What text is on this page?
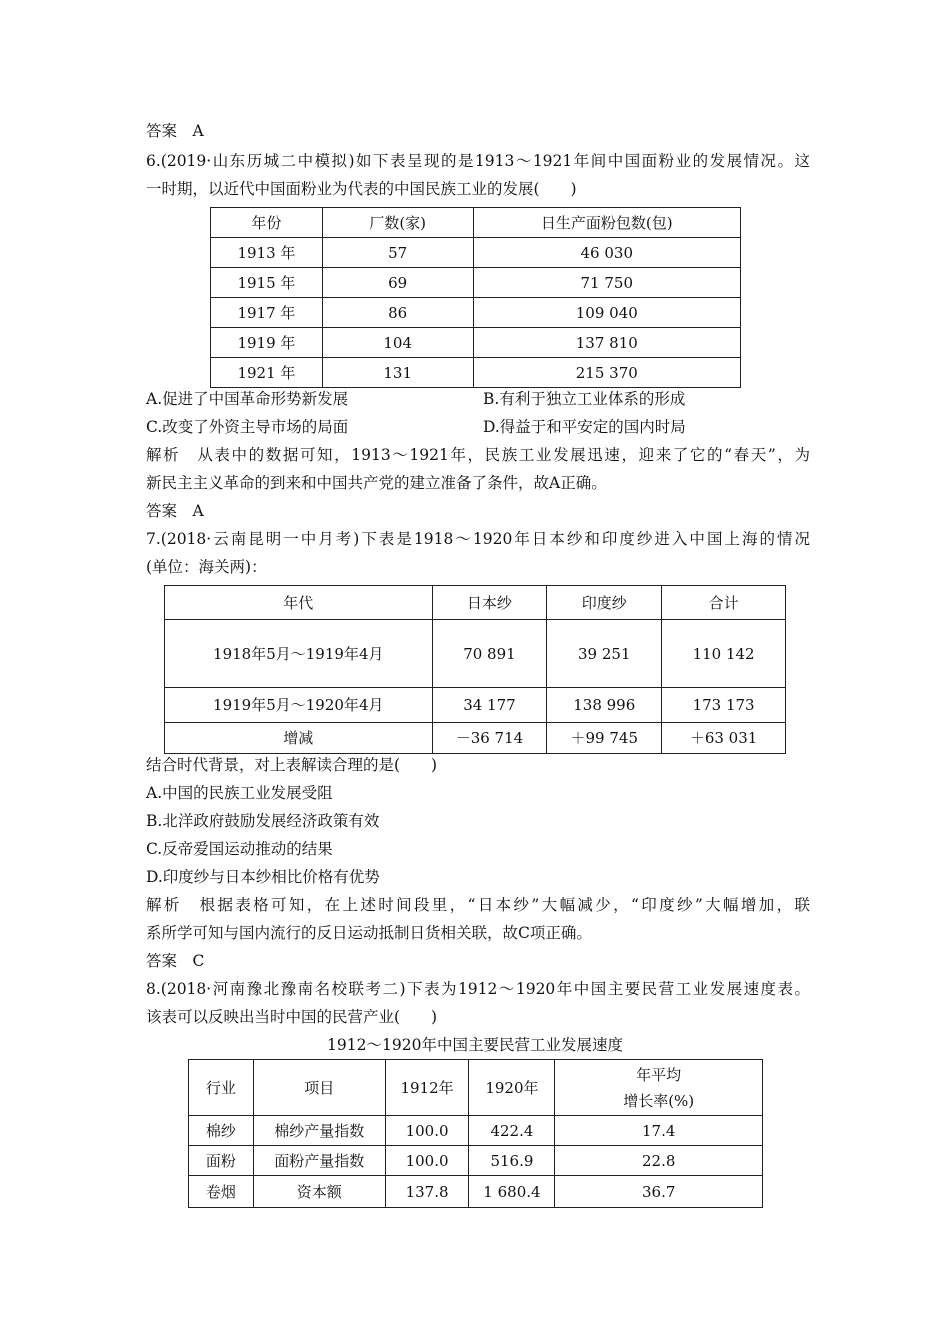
答案　A
6.(2019·山东历城二中模拟)如下表呈现的是1913～1921年间中国面粉业的发展情况。这
一时期，以近代中国面粉业为代表的中国民族工业的发展(　　)
年份	厂数(家)	日生产面粉包数(包)
1913 年	57	46 030
1915 年	69	71 750
1917 年	86	109 040
1919 年	104	137 810
1921 年	131	215 370
A.促进了中国革命形势新发展	B.有利于独立工业体系的形成
C.改变了外资主导市场的局面	D.得益于和平安定的国内时局
解析　从表中的数据可知，1913～1921年，民族工业发展迅速，迎来了它的“春天”，为
新民主主义革命的到来和中国共产党的建立准备了条件，故A正确。
答案　A
7.(2018·云南昆明一中月考)下表是1918～1920年日本纱和印度纱进入中国上海的情况
(单位：海关两)：
年代	日本纱	印度纱	合计
1918年5月～1919年4月	70 891	39 251	110 142
1919年5月～1920年4月	34 177	138 996	173 173
增减	－36 714	＋99 745	＋63 031
结合时代背景，对上表解读合理的是(　　)
A.中国的民族工业发展受阻
B.北洋政府鼓励发展经济政策有效
C.反帝爱国运动推动的结果
D.印度纱与日本纱相比价格有优势
解析　根据表格可知，在上述时间段里，“日本纱”大幅减少，“印度纱”大幅增加，联
系所学可知与国内流行的反日运动抵制日货相关联，故C项正确。
答案　C
8.(2018·河南豫北豫南名校联考二)下表为1912～1920年中国主要民营工业发展速度表。
该表可以反映出当时中国的民营产业(　　)
1912～1920年中国主要民营工业发展速度
行业	项目	1912年	1920年	年平均
增长率(%)

棉纱	棉纱产量指数	100.0	422.4	17.4
面粉	面粉产量指数	100.0	516.9	22.8
卷烟	资本额	137.8	1 680.4	36.7
